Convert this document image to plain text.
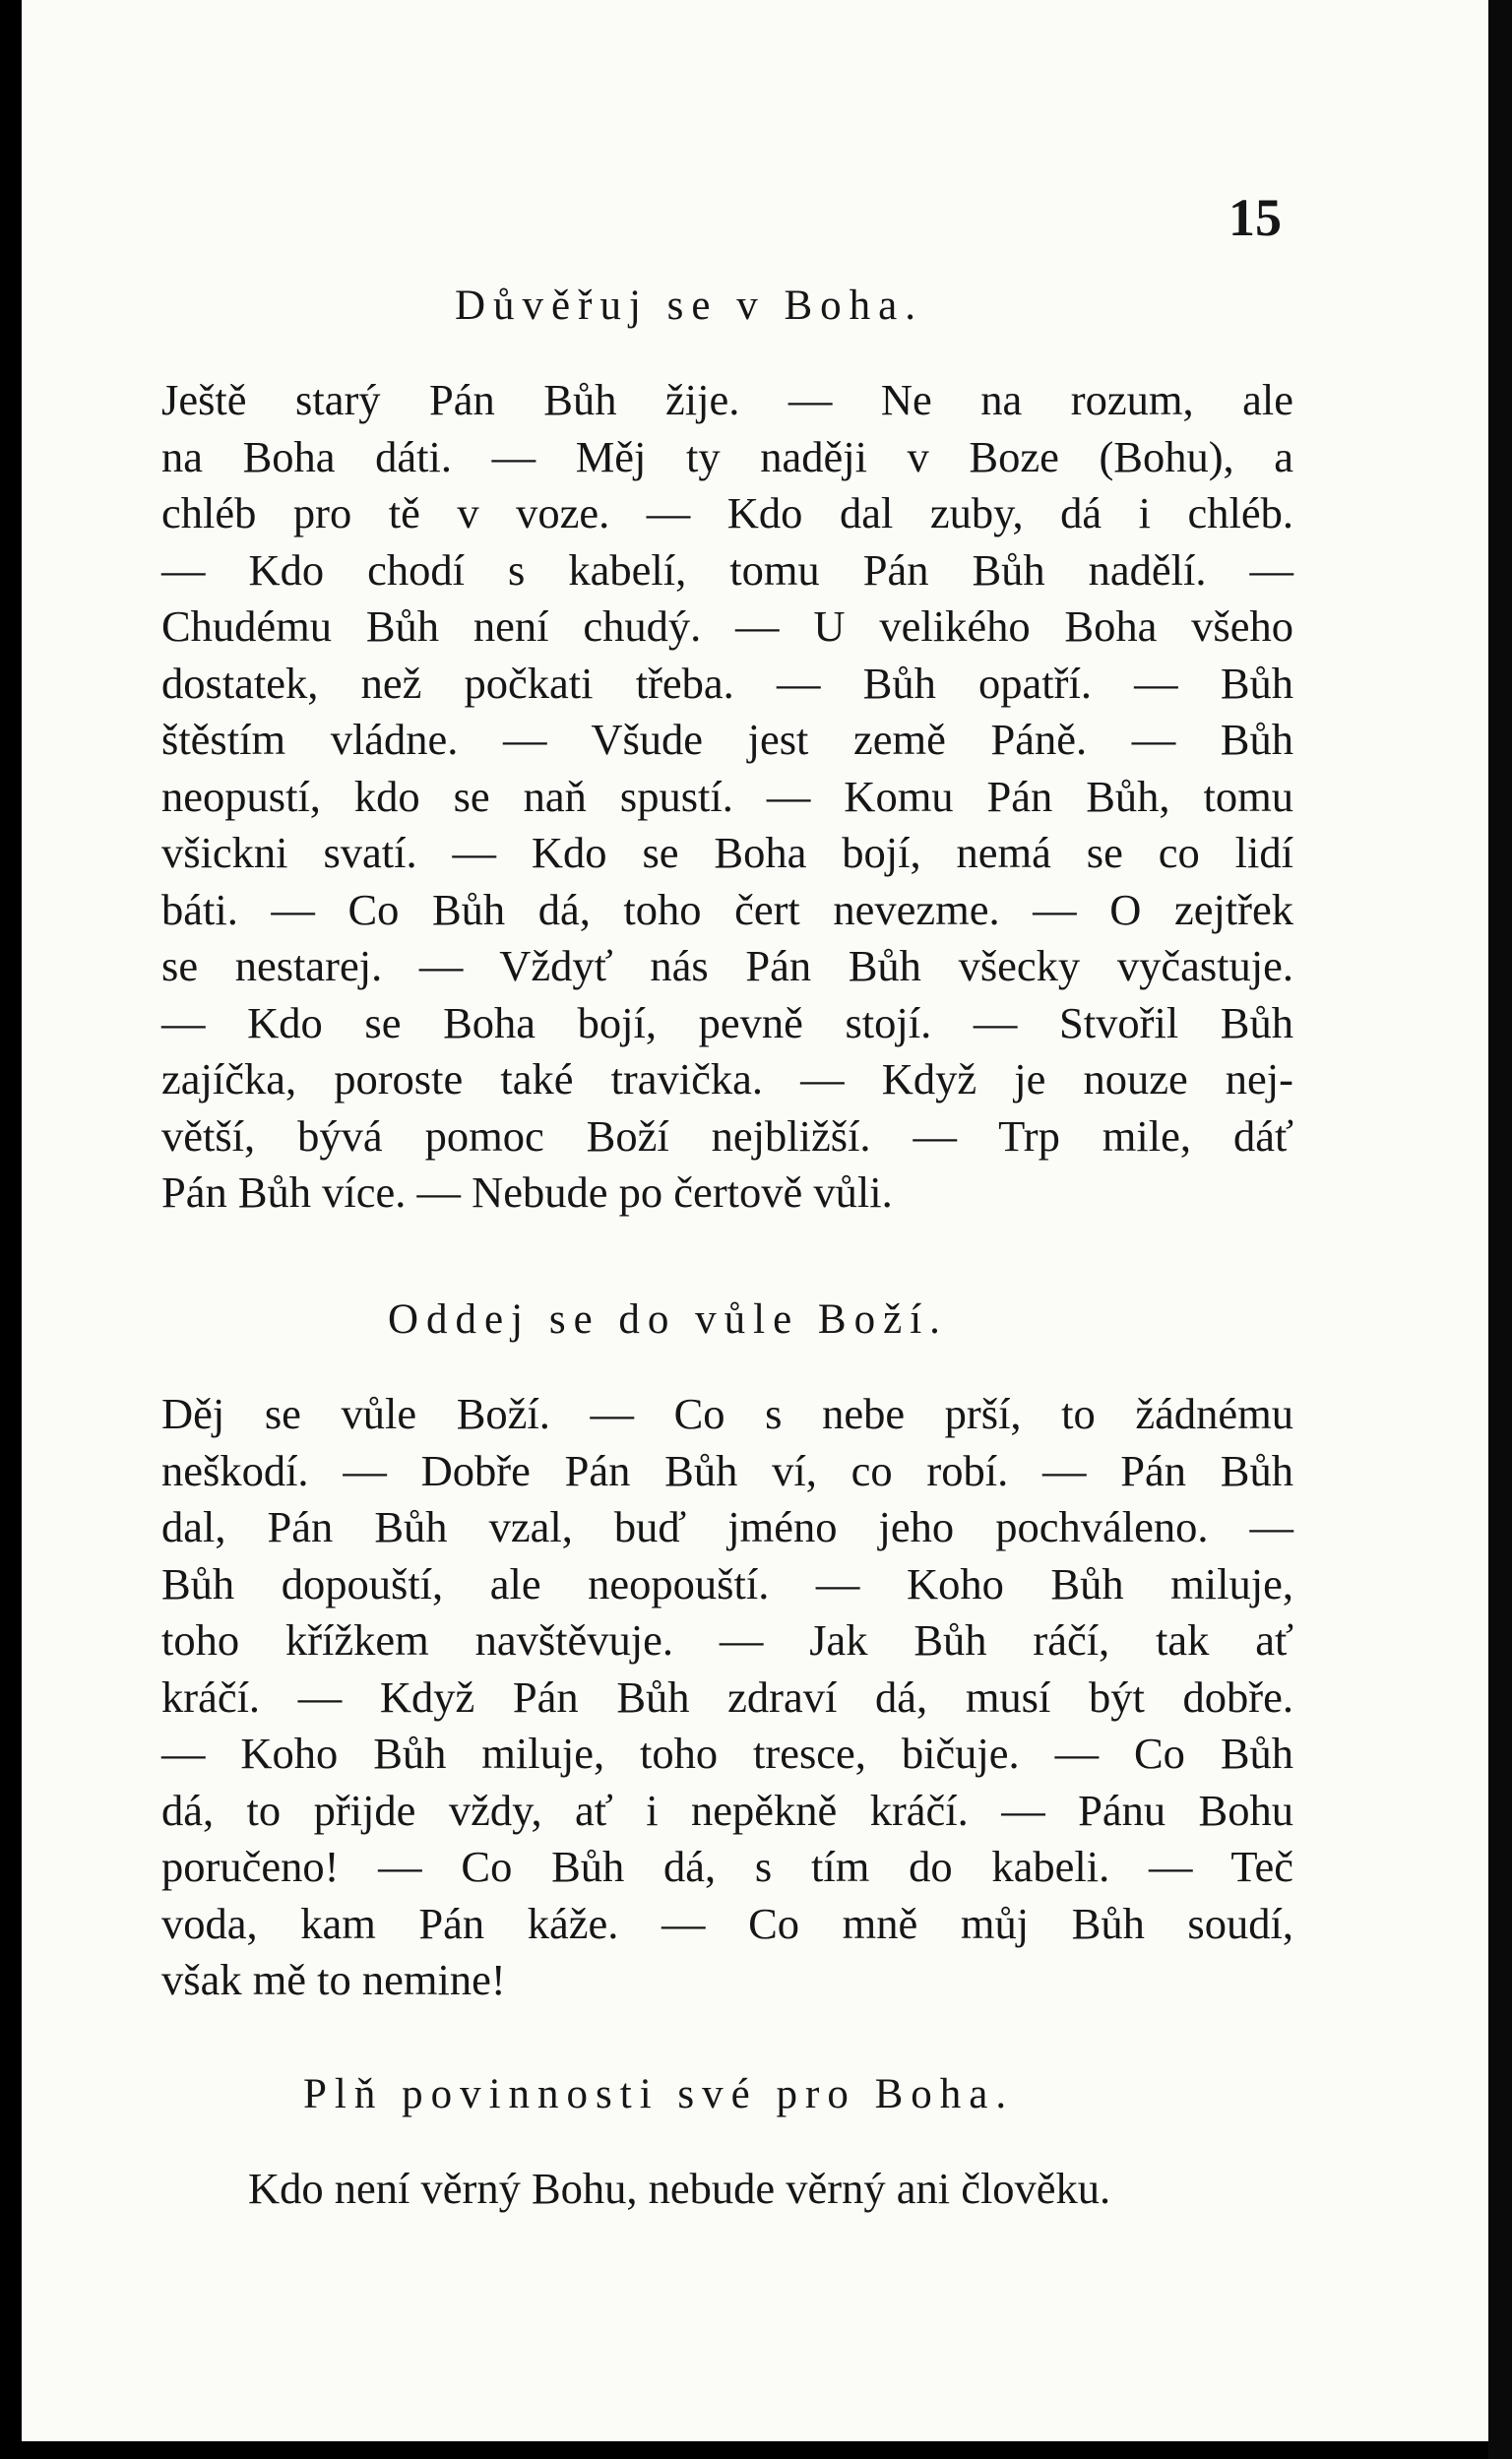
15
Důvěřuj se v Boha.
Ještě starý Pán Bůh žije. — Ne na rozum, ale
na Boha dáti. — Měj ty naději v Boze (Bohu), a
chléb pro tě v voze. — Kdo dal zuby, dá i chléb.
— Kdo chodí s kabelí, tomu Pán Bůh nadělí. —
Chudému Bůh není chudý. — U velikého Boha všeho
dostatek, než počkati třeba. — Bůh opatří. — Bůh
štěstím vládne. — Všude jest země Páně. — Bůh
neopustí, kdo se naň spustí. — Komu Pán Bůh, tomu
všickni svatí. — Kdo se Boha bojí, nemá se co lidí
báti. — Co Bůh dá, toho čert nevezme. — O zejtřek
se nestarej. — Vždyť nás Pán Bůh všecky vyčastuje.
— Kdo se Boha bojí, pevně stojí. — Stvořil Bůh
zajíčka, poroste také travička. — Když je nouze nej-
větší, bývá pomoc Boží nejbližší. — Trp mile, dáť
Pán Bůh více. — Nebude po čertově vůli.
Oddej se do vůle Boží.
Děj se vůle Boží. — Co s nebe prší, to žádnému
neškodí. — Dobře Pán Bůh ví, co robí. — Pán Bůh
dal, Pán Bůh vzal, buď jméno jeho pochváleno. —
Bůh dopouští, ale neopouští. — Koho Bůh miluje,
toho křížkem navštěvuje. — Jak Bůh ráčí, tak ať
kráčí. — Když Pán Bůh zdraví dá, musí být dobře.
— Koho Bůh miluje, toho tresce, bičuje. — Co Bůh
dá, to přijde vždy, ať i nepěkně kráčí. — Pánu Bohu
poručeno! — Co Bůh dá, s tím do kabeli. — Teč
voda, kam Pán káže. — Co mně můj Bůh soudí,
však mě to nemine!
Plň povinnosti své pro Boha.
Kdo není věrný Bohu, nebude věrný ani člověku.
